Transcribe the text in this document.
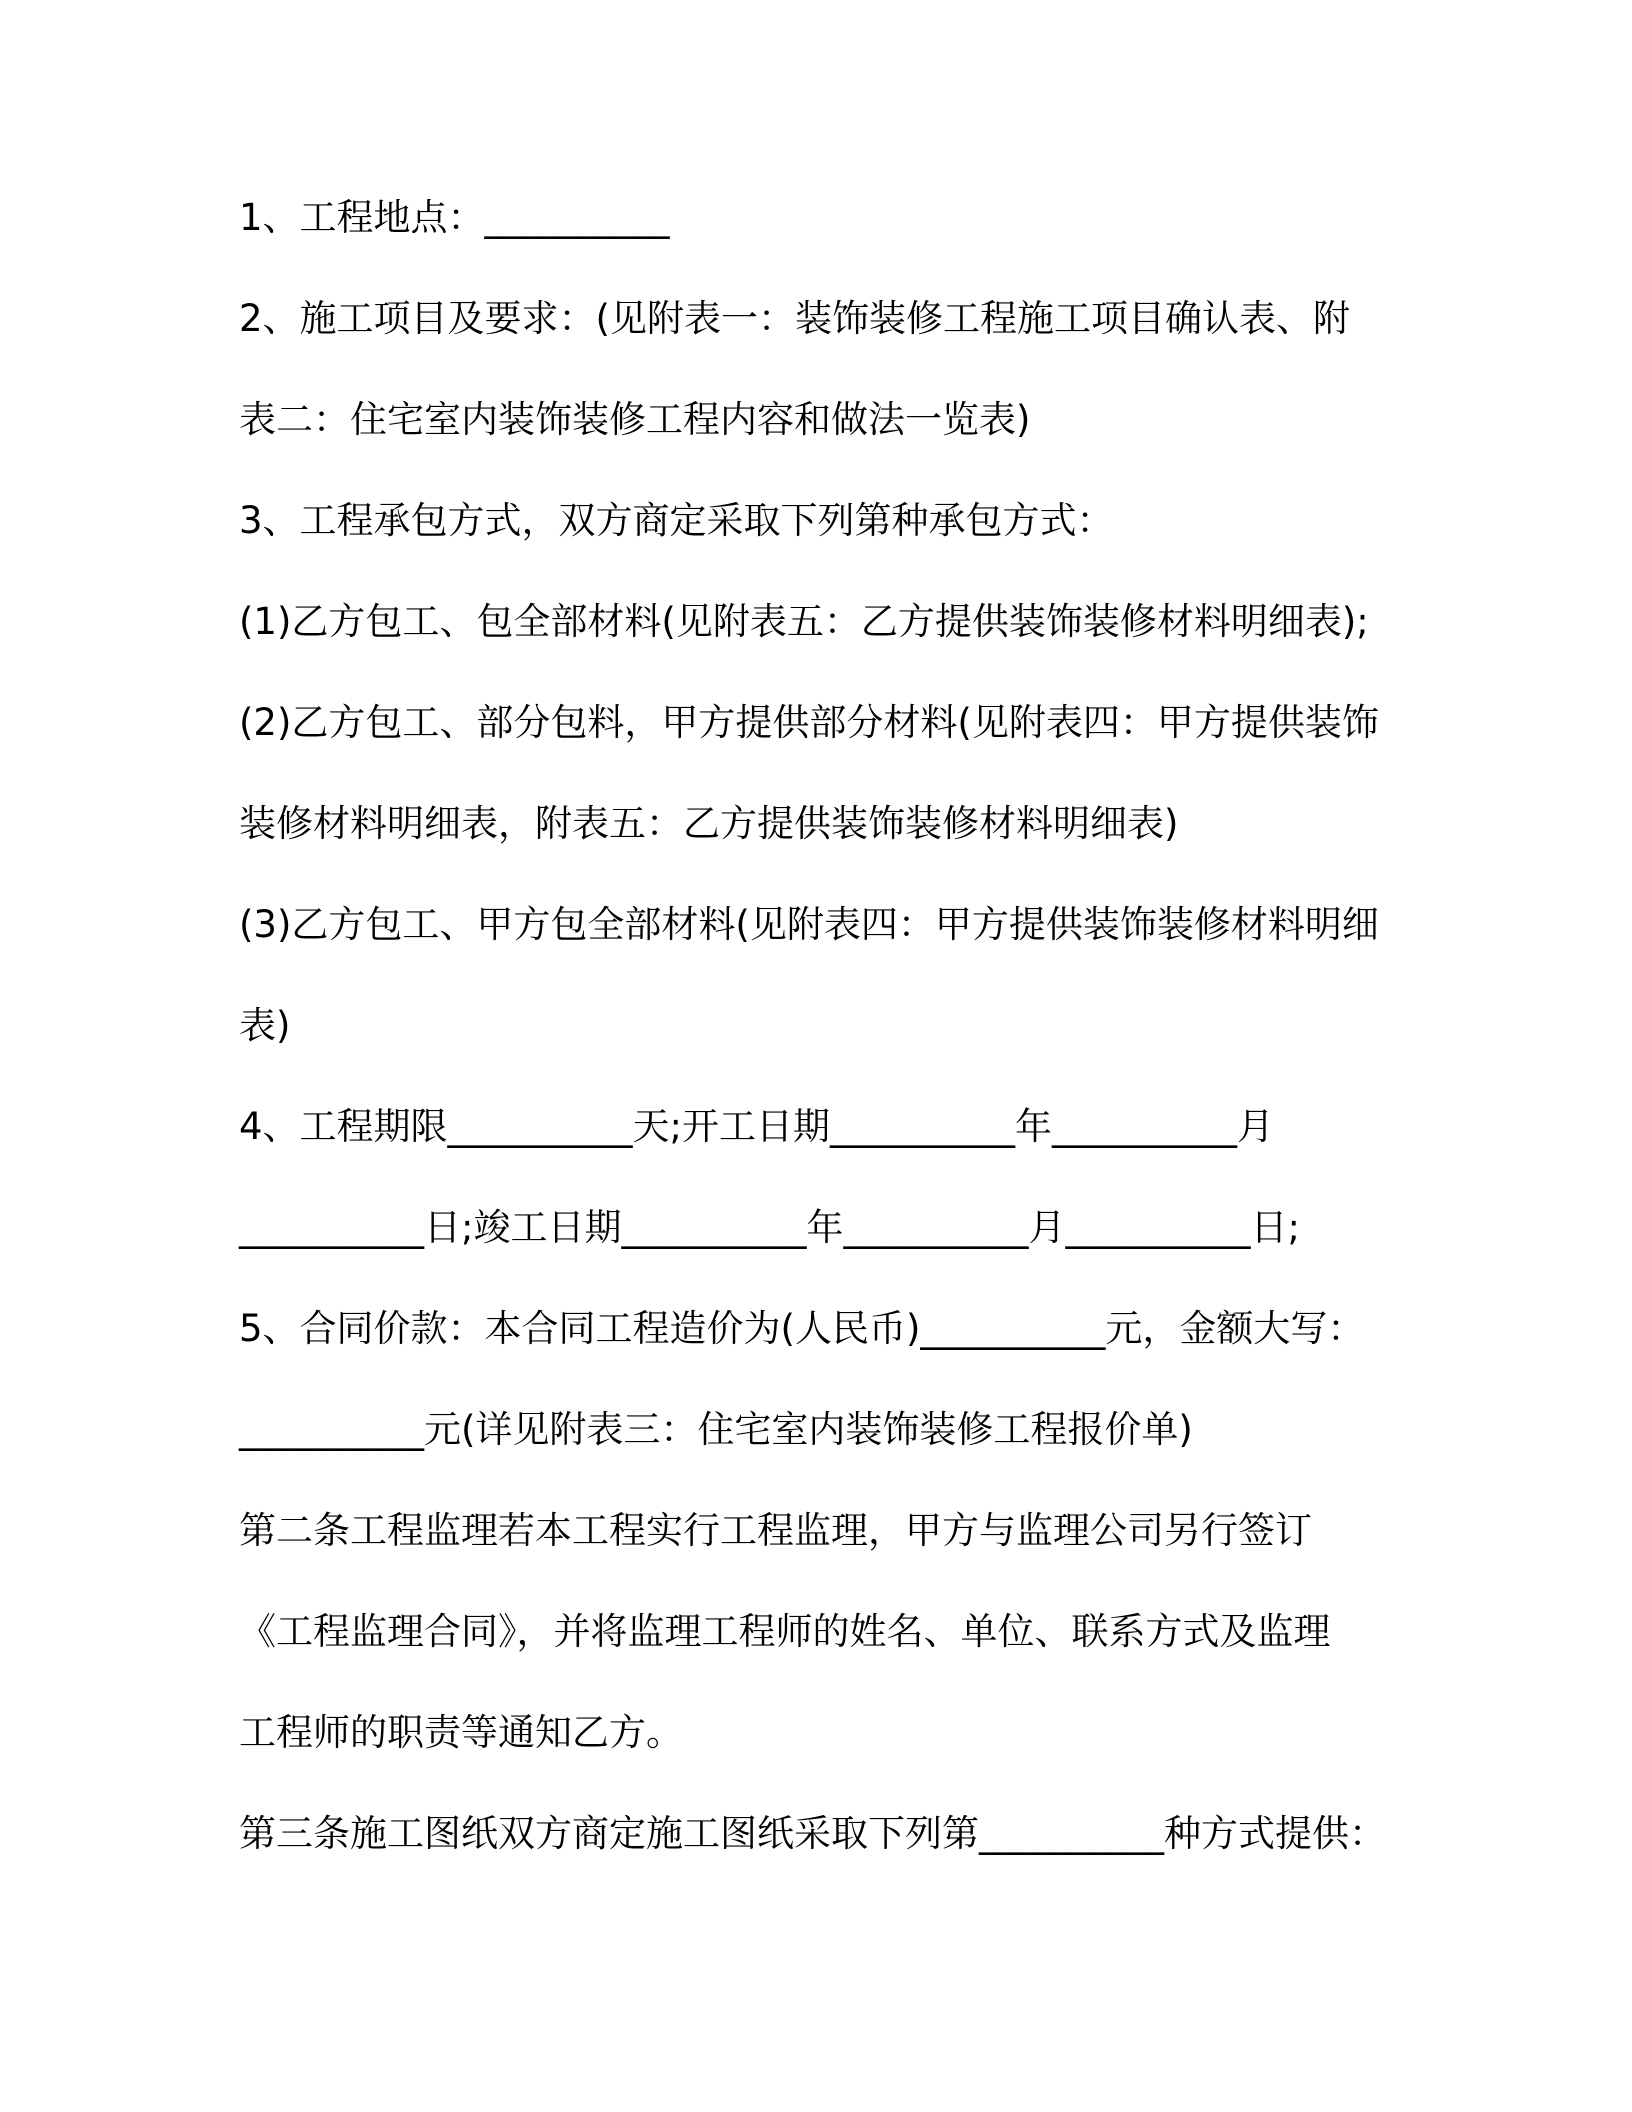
1、工程地点：__________
2、施工项目及要求：(见附表一：装饰装修工程施工项目确认表、附
表二：住宅室内装饰装修工程内容和做法一览表)
3、工程承包方式，双方商定采取下列第种承包方式：
(1)乙方包工、包全部材料(见附表五：乙方提供装饰装修材料明细表);
(2)乙方包工、部分包料，甲方提供部分材料(见附表四：甲方提供装饰
装修材料明细表，附表五：乙方提供装饰装修材料明细表)
(3)乙方包工、甲方包全部材料(见附表四：甲方提供装饰装修材料明细
表)
4、工程期限__________天;开工日期__________年__________月
__________日;竣工日期__________年__________月__________日;
5、合同价款：本合同工程造价为(人民币)__________元，金额大写：
__________元(详见附表三：住宅室内装饰装修工程报价单)
第二条工程监理若本工程实行工程监理，甲方与监理公司另行签订
《工程监理合同》，并将监理工程师的姓名、单位、联系方式及监理
工程师的职责等通知乙方。
第三条施工图纸双方商定施工图纸采取下列第__________种方式提供：
